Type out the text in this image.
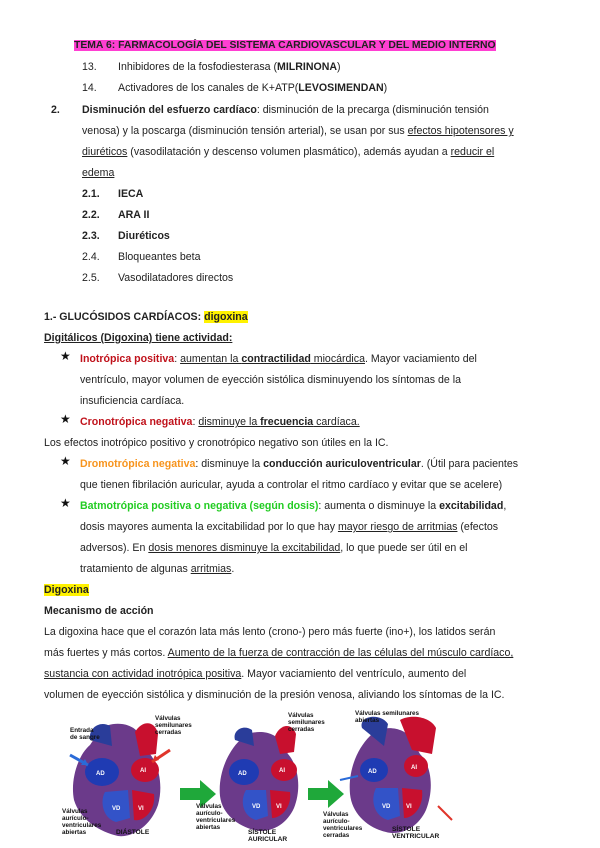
TEMA 6: FARMACOLOGÍA DEL SISTEMA CARDIOVASCULAR Y DEL MEDIO INTERNO
13. Inhibidores de la fosfodiesterasa (MILRINONA)
14. Activadores de los canales de K+ATP(LEVOSIMENDAN)
2. Disminución del esfuerzo cardíaco: disminución de la precarga (disminución tensión
venosa) y la poscarga (disminución tensión arterial), se usan por sus efectos hipotensores y
diuréticos (vasodilatación y descenso volumen plasmático), además ayudan a reducir el
edema
2.1. IECA
2.2. ARA II
2.3. Diuréticos
2.4. Bloqueantes beta
2.5. Vasodilatadores directos
1.- GLUCÓSIDOS CARDÍACOS: digoxina
Digitálicos (Digoxina) tiene actividad:
★ Inotrópica positiva: aumentan la contractilidad miocárdica. Mayor vaciamiento del
ventrículo, mayor volumen de eyección sistólica disminuyendo los síntomas de la
insuficiencia cardíaca.
★ Cronotrópica negativa: disminuye la frecuencia cardíaca.
Los efectos inotrópico positivo y cronotrópico negativo son útiles en la IC.
★ Dromotrópica negativa: disminuye la conducción auriculoventricular. (Útil para pacientes
que tienen fibrilación auricular, ayuda a controlar el ritmo cardíaco y evitar que se acelere)
★ Batmotrópica positiva o negativa (según dosis): aumenta o disminuye la excitabilidad,
dosis mayores aumenta la excitabilidad por lo que hay mayor riesgo de arritmias (efectos
adversos). En dosis menores disminuye la excitabilidad, lo que puede ser útil en el
tratamiento de algunas arritmias.
Digoxina
Mecanismo de acción
La digoxina hace que el corazón lata más lento (crono-) pero más fuerte (ino+), los latidos serán
más fuertes y más cortos. Aumento de la fuerza de contracción de las células del músculo cardíaco,
sustancia con actividad inotrópica positiva. Mayor vaciamiento del ventrículo, aumento del
volumen de eyección sistólica y disminución de la presión venosa, aliviando los síntomas de la IC.
AD	AI
VD	VI
Entrada de sangre
Válvulas semilunares cerradas
Válvulas aurículo-ventriculares abiertas	DIÁSTOLE
AD	AI
VD	VI
Válvulas semilunares cerradas
Válvulas aurículo-ventriculares abiertas
SÍSTOLE AURICULAR
AD
AI
VD	VI
Válvulas semilunares abiertas
Válvulas aurículo-ventriculares cerradas
SÍSTOLE VENTRICULAR
